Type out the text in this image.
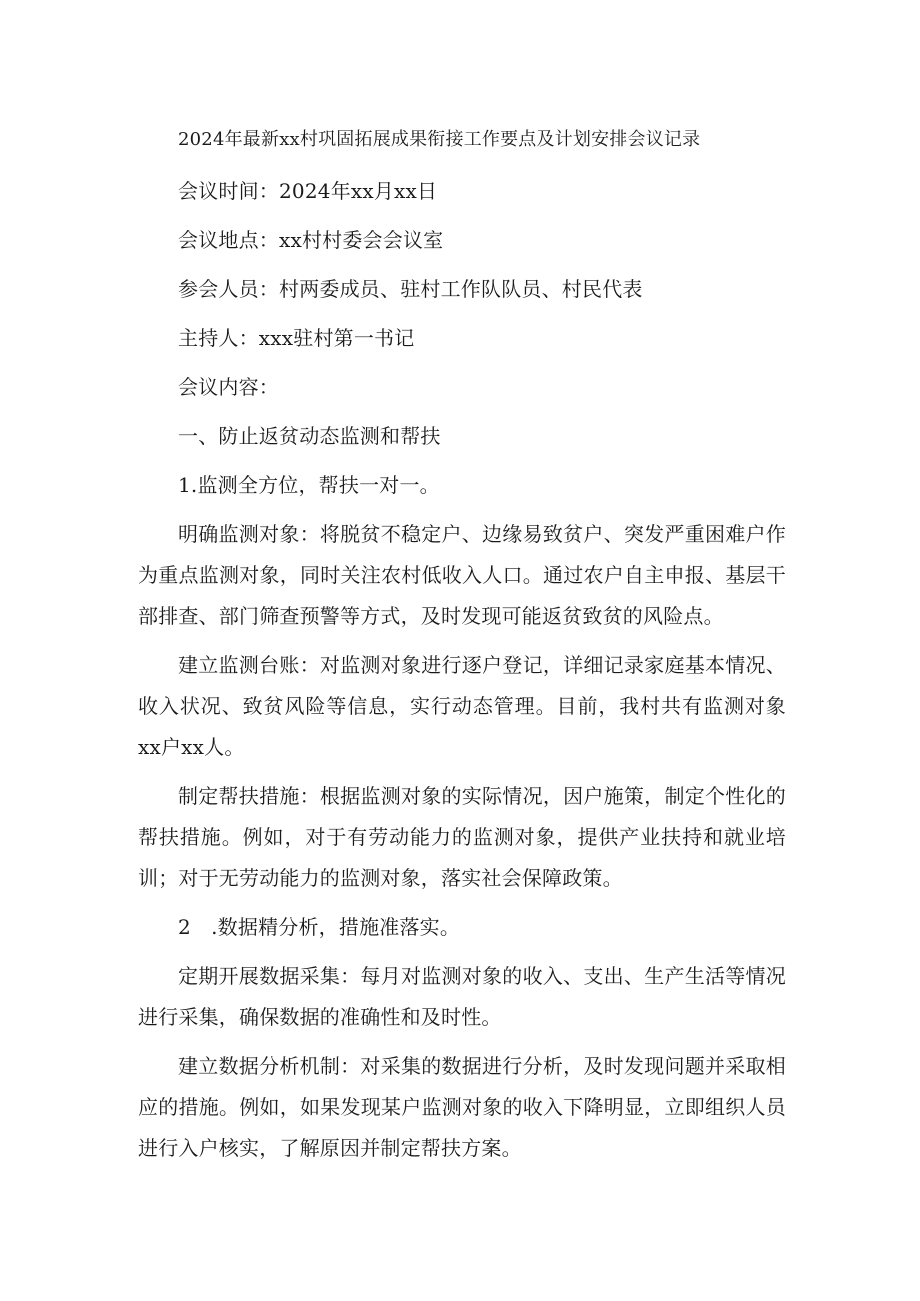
2024年最新xx村巩固拓展成果衔接工作要点及计划安排会议记录

会议时间：2024年xx月xx日

会议地点：xx村村委会会议室

参会人员：村两委成员、驻村工作队队员、村民代表

主持人：xxx驻村第一书记

会议内容：

一、防止返贫动态监测和帮扶

1.监测全方位，帮扶一对一。

明确监测对象：将脱贫不稳定户、边缘易致贫户、突发严重困难户作为重点监测对象，同时关注农村低收入人口。通过农户自主申报、基层干部排查、部门筛查预警等方式，及时发现可能返贫致贫的风险点。

建立监测台账：对监测对象进行逐户登记，详细记录家庭基本情况、收入状况、致贫风险等信息，实行动态管理。目前，我村共有监测对象xx户xx人。

制定帮扶措施：根据监测对象的实际情况，因户施策，制定个性化的帮扶措施。例如，对于有劳动能力的监测对象，提供产业扶持和就业培训；对于无劳动能力的监测对象，落实社会保障政策。

2　.数据精分析，措施准落实。

定期开展数据采集：每月对监测对象的收入、支出、生产生活等情况进行采集，确保数据的准确性和及时性。

建立数据分析机制：对采集的数据进行分析，及时发现问题并采取相应的措施。例如，如果发现某户监测对象的收入下降明显，立即组织人员进行入户核实，了解原因并制定帮扶方案。
